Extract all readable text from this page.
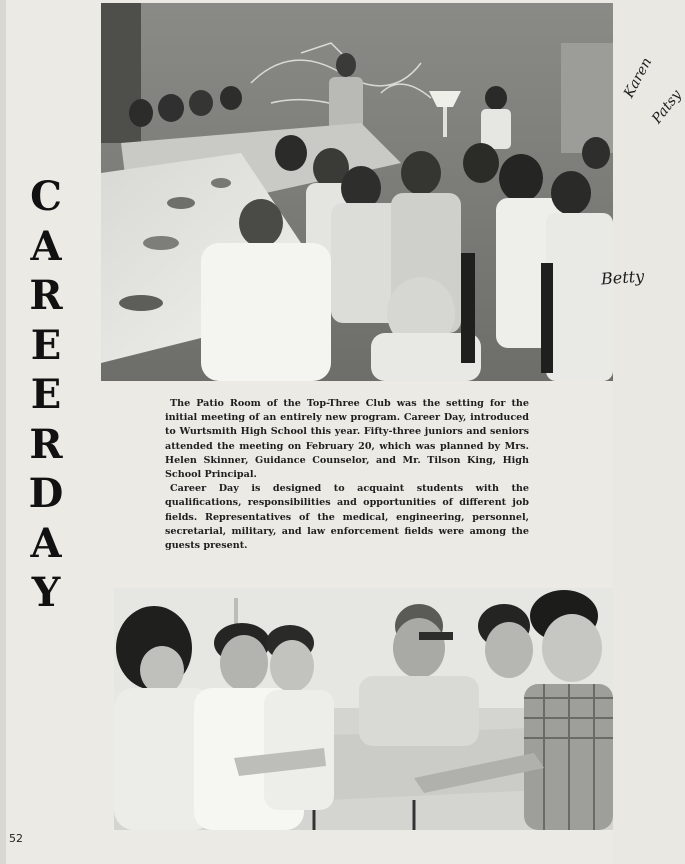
C
A
R
E
E
R
D
A
Y
Betty
Karen
Patsy

The Patio Room of the Top-Three Club was the setting for the initial meeting of an entirely new program. Career Day, introduced to Wurtsmith High School this year. Fifty-three juniors and seniors attended the meeting on February 20, which was planned by Mrs. Helen Skinner, Guidance Counselor, and Mr. Tilson King, High School Principal.

Career Day is designed to acquaint students with the qualifications, responsibilities and opportunities of different job fields. Representatives of the medical, engineering, personnel, secretarial, military, and law enforcement fields were among the guests present.

52
